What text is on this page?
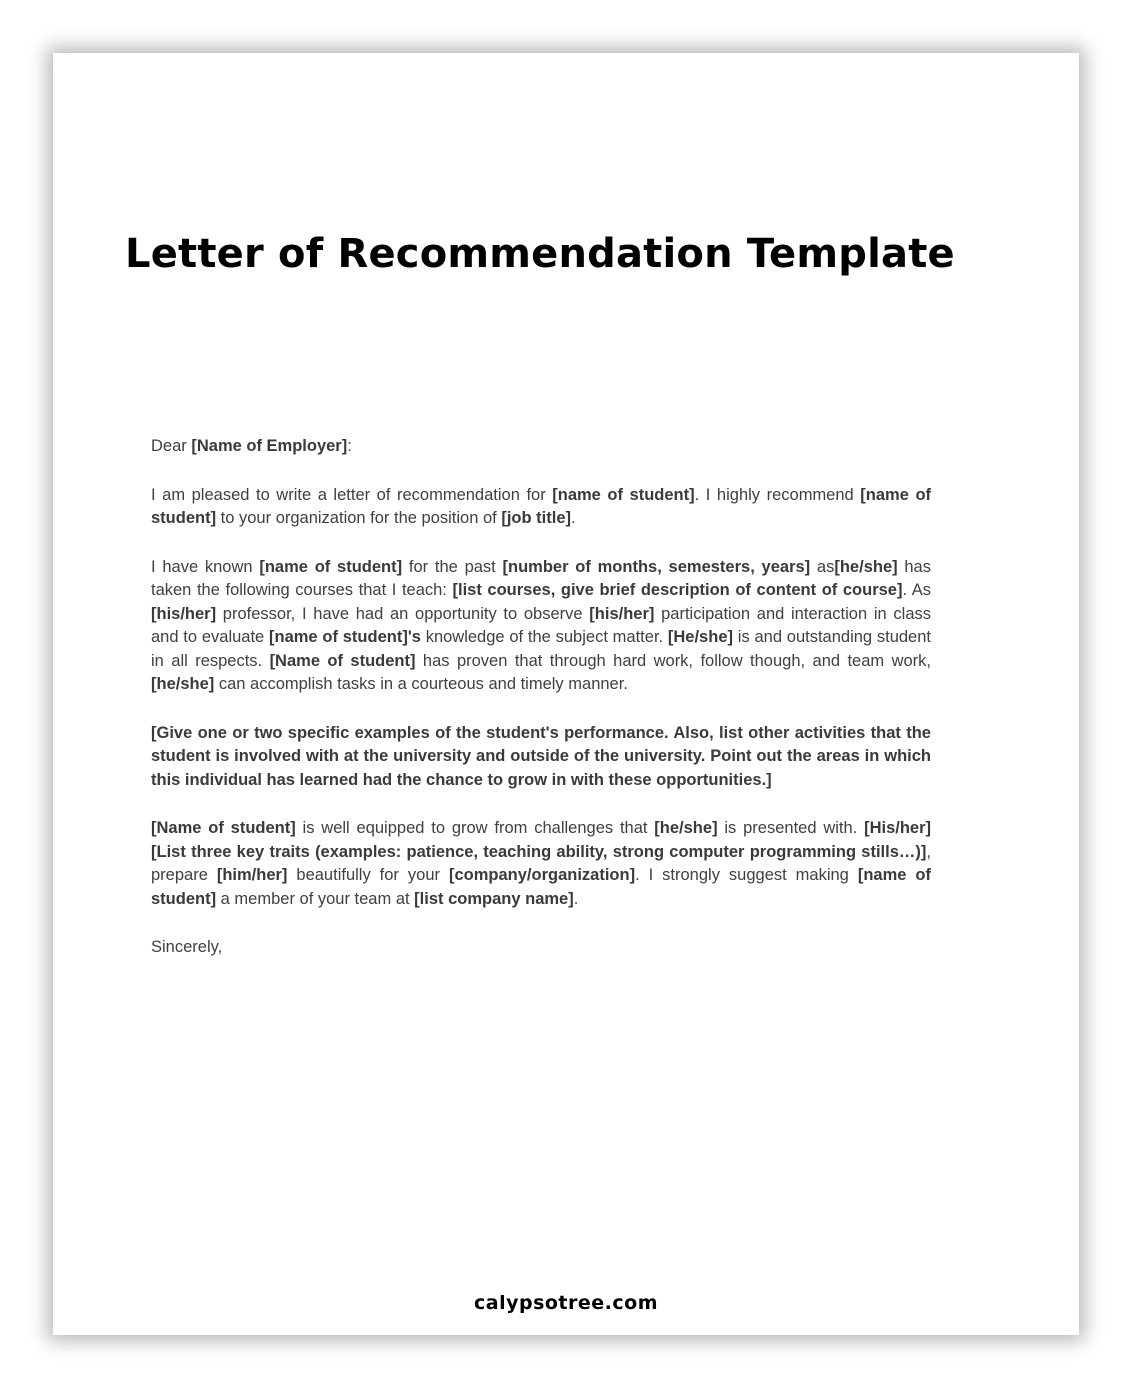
Letter of Recommendation Template

Dear [Name of Employer]:

I am pleased to write a letter of recommendation for [name of student]. I highly recommend [name of student] to your organization for the position of [job title].

I have known [name of student] for the past [number of months, semesters, years] as[he/she] has taken the following courses that I teach: [list courses, give brief description of content of course]. As [his/her] professor, I have had an opportunity to observe [his/her] participation and interaction in class and to evaluate [name of student]'s knowledge of the subject matter. [He/she] is and outstanding student in all respects. [Name of student] has proven that through hard work, follow though, and team work, [he/she] can accomplish tasks in a courteous and timely manner.

[Give one or two specific examples of the student's performance. Also, list other activities that the student is involved with at the university and outside of the university. Point out the areas in which this individual has learned had the chance to grow in with these opportunities.]

[Name of student] is well equipped to grow from challenges that [he/she] is presented with. [His/her] [List three key traits (examples: patience, teaching ability, strong computer programming stills…)], prepare [him/her] beautifully for your [company/organization]. I strongly suggest making [name of student] a member of your team at [list company name].

Sincerely,

calypsotree.com
